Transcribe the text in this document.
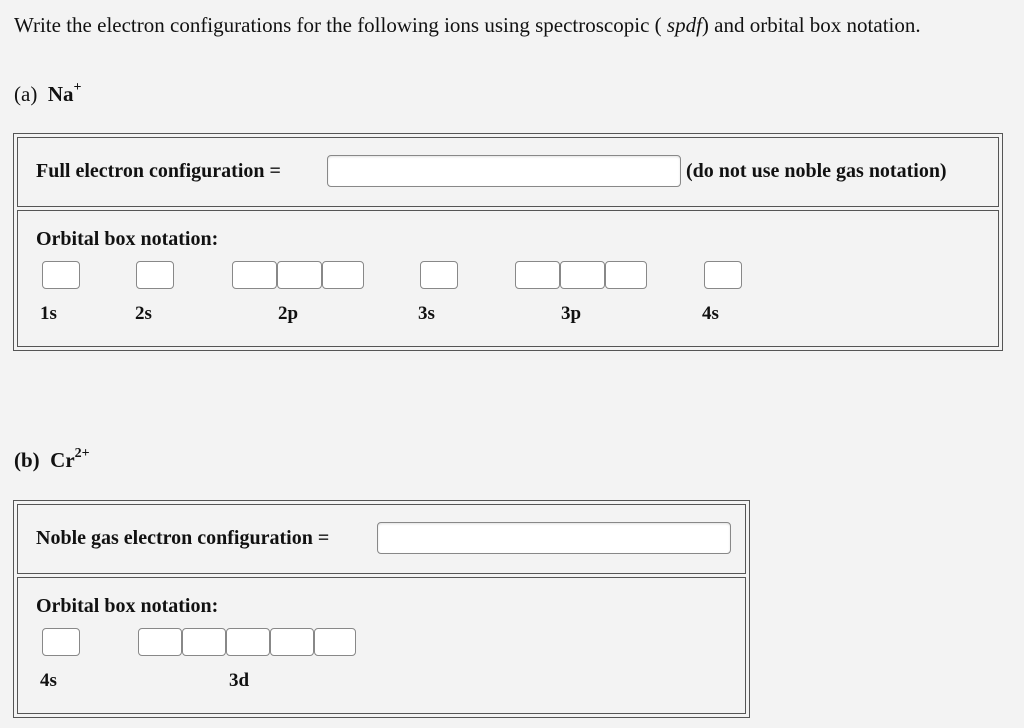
Write the electron configurations for the following ions using spectroscopic ( spdf) and orbital box notation.
(a) Na+
Full electron configuration =	(do not use noble gas notation)
Orbital box notation:
1s	2s	2p	3s	3p	4s
(b) $Cr^{2+}$
Noble gas electron configuration =
Orbital box notation:
4s	3d
